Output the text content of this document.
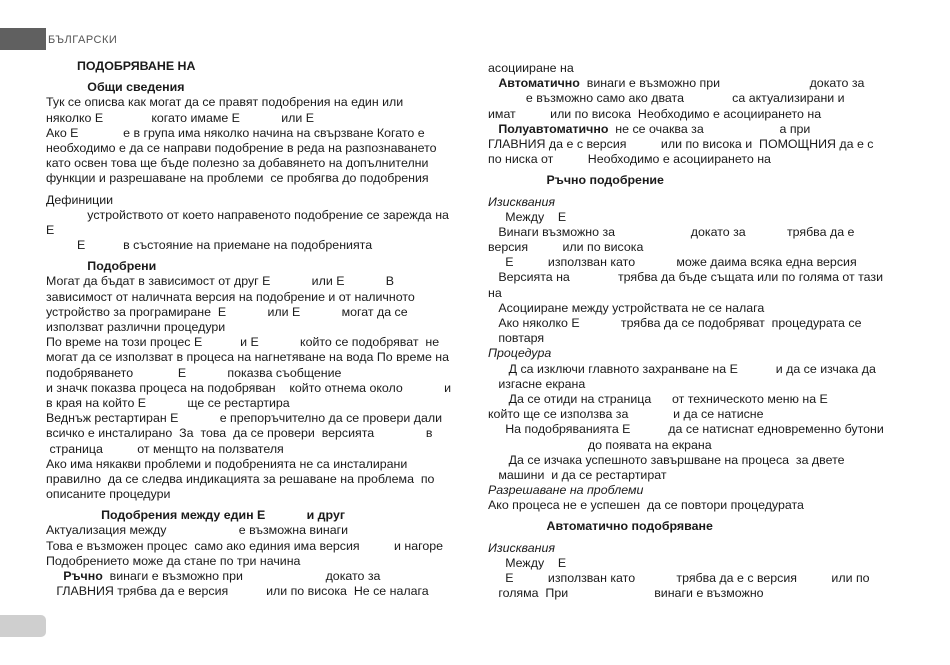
БЪЛГАРСКИ
ПОДОБРЯВАНЕ НА
Общи сведения
Тук се описва как могат да се правят подобрения на един или
няколко Е              когато имаме Е            или Е
Ако Е             е в група има няколко начина на свързване Когато е
необходимо е да се направи подобрение в реда на разпознаването
като освен това ще бъде полезно за добавянето на допълнителни
функции и разрешаване на проблеми  се пробягва до подобрения
Дефиниции
устройството от което направеното подобрение се зарежда на
Е
Е           в състояние на приемане на подобренията
Подобрени
Могат да бъдат в зависимост от друг Е            или Е            В
зависимост от наличната версия на подобрение и от наличното
устройство за програмиране  Е            или Е            могат да се
използват различни процедури
По време на този процес Е           и Е            който се подобряват  не
могат да се използват в процеса на нагнетяване на вода По време на
подобряването             Е            показва съобщение
и значк показва процеса на подобряван    който отнема около            и
в края на който Е            ще се рестартира
Веднъж рестартиран Е            е препоръчително да се провери дали
всичко е инсталирано  За  това  да се провери  версията               в
страница          от менщто на ползвателя
Ако има някакви проблеми и подобренията не са инсталирани
правилно  да се следва индикацията за решаване на проблема  по
описаните процедури
Подобрения между един Е            и друг
Актуализация между                     е възможна винаги
Това е възможен процес  само ако единия има версия          и нагоре
Подобрението може да стане по три начина
Ръчно  винаги е възможно при                        докато за
ГЛАВНИЯ трябва да е версия           или по висока  Не се налага
асоцииране на
Автоматично  винаги е възможно при                          докато за
е възможно само ако двата              са актуализирани и
имат          или по висока  Необходимо е асоциирането на
Полуавтоматично  не се очаква за                      а при
ГЛАВНИЯ да е с версия          или по висока и  ПОМОЩНИЯ да е с
по ниска от          Необходимо е асоциирането на
Ръчно подобрение
Изисквания
Между    Е
Винаги възможно за                      докато за            трябва да е
версия          или по висока
Е          използван като            може даима всяка една версия
Версията на              трябва да бъде същата или по голяма от тази
на
Асоцииране между устройствата не се налага
Ако няколко Е            трябва да се подобряват  процедурата се
повтаря
Процедура
Д са изключи главното захранване на Е           и да се изчака да
изгасне екрана
Да се отиди на страница      от техническото меню на Е
който ще се използва за             и да се натисне
На подобряванията Е           да се натиснат едновременно бутони
до появата на екрана
Да се изчака успешното завършване на процеса  за двете
машини  и да се рестартират
Разрешаване на проблеми
Ако процеса не е успешен  да се повтори процедурата
Автоматично подобряване
Изисквания
Между    Е
Е          използван като            трябва да е с версия          или по
голяма  При                         винаги е възможно
